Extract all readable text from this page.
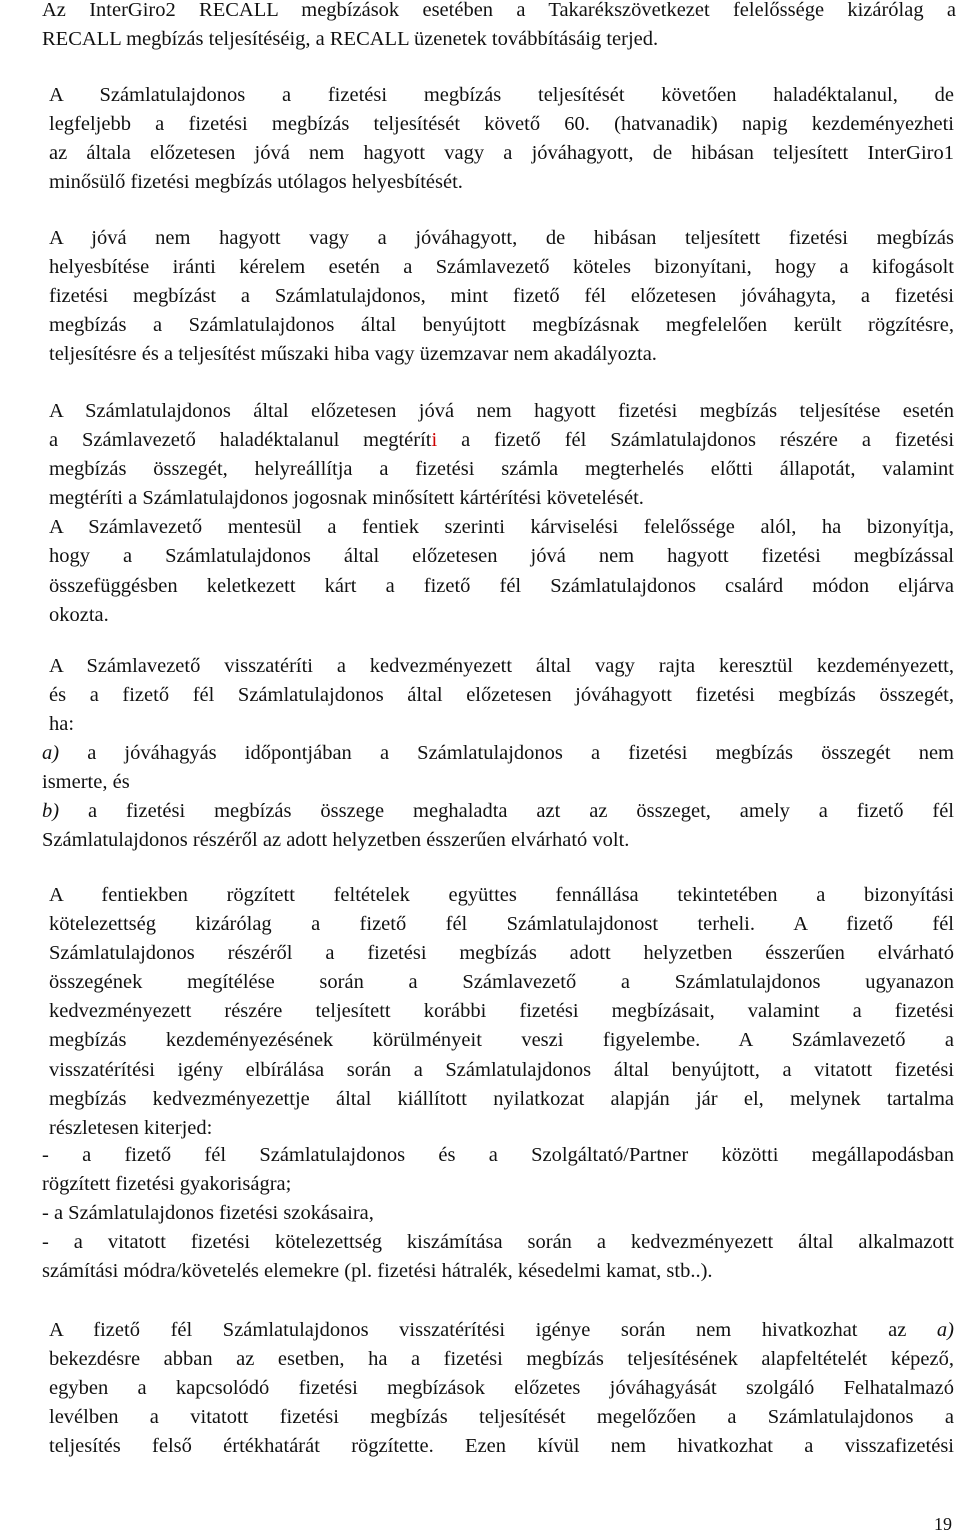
Az InterGiro2 RECALL megbízások esetében a Takarékszövetkezet felelőssége kizárólag a
RECALL megbízás teljesítéséig, a RECALL üzenetek továbbításáig terjed.
A Számlatulajdonos a fizetési megbízás teljesítését követően haladéktalanul, de
legfeljebb a fizetési megbízás teljesítését követő 60. (hatvanadik) napig kezdeményezheti
az általa előzetesen jóvá nem hagyott vagy a jóváhagyott, de hibásan teljesített InterGiro1
minősülő fizetési megbízás utólagos helyesbítését.
A jóvá nem hagyott vagy a jóváhagyott, de hibásan teljesített fizetési megbízás
helyesbítése iránti kérelem esetén a Számlavezető köteles bizonyítani, hogy a kifogásolt
fizetési megbízást a Számlatulajdonos, mint fizető fél előzetesen jóváhagyta, a fizetési
megbízás a Számlatulajdonos által benyújtott megbízásnak megfelelően került rögzítésre,
teljesítésre és a teljesítést műszaki hiba vagy üzemzavar nem akadályozta.
A Számlatulajdonos által előzetesen jóvá nem hagyott fizetési megbízás teljesítése esetén
a Számlavezető haladéktalanul megtéríti a fizető fél Számlatulajdonos részére a fizetési
megbízás összegét, helyreállítja a fizetési számla megterhelés előtti állapotát, valamint
megtéríti a Számlatulajdonos jogosnak minősített kártérítési követelését.
A Számlavezető mentesül a fentiek szerinti kárviselési felelőssége alól, ha bizonyítja,
hogy a Számlatulajdonos által előzetesen jóvá nem hagyott fizetési megbízással
összefüggésben keletkezett kárt a fizető fél Számlatulajdonos csalárd módon eljárva
okozta.
A Számlavezető visszatéríti a kedvezményezett által vagy rajta keresztül kezdeményezett,
és a fizető fél Számlatulajdonos által előzetesen jóváhagyott fizetési megbízás összegét,
ha:
a) a jóváhagyás időpontjában a Számlatulajdonos a fizetési megbízás összegét nem
ismerte, és
b) a fizetési megbízás összege meghaladta azt az összeget, amely a fizető fél
Számlatulajdonos részéről az adott helyzetben ésszerűen elvárható volt.
A fentiekben rögzített feltételek együttes fennállása tekintetében a bizonyítási
kötelezettség kizárólag a fizető fél Számlatulajdonost terheli. A fizető fél
Számlatulajdonos részéről a fizetési megbízás adott helyzetben ésszerűen elvárható
összegének megítélése során a Számlavezető a Számlatulajdonos ugyanazon
kedvezményezett részére teljesített korábbi fizetési megbízásait, valamint a fizetési
megbízás kezdeményezésének körülményeit veszi figyelembe. A Számlavezető a
visszatérítési igény elbírálása során a Számlatulajdonos által benyújtott, a vitatott fizetési
megbízás kedvezményezettje által kiállított nyilatkozat alapján jár el, melynek tartalma
részletesen kiterjed:
- a fizető fél Számlatulajdonos és a Szolgáltató/Partner közötti megállapodásban
rögzített fizetési gyakoriságra;
- a Számlatulajdonos fizetési szokásaira,
- a vitatott fizetési kötelezettség kiszámítása során a kedvezményezett által alkalmazott
számítási módra/követelés elemekre (pl. fizetési hátralék, késedelmi kamat, stb..).
A fizető fél Számlatulajdonos visszatérítési igénye során nem hivatkozhat az a)
bekezdésre abban az esetben, ha a fizetési megbízás teljesítésének alapfeltételét képező,
egyben a kapcsolódó fizetési megbízások előzetes jóváhagyását szolgáló Felhatalmazó
levélben a vitatott fizetési megbízás teljesítését megelőzően a Számlatulajdonos a
teljesítés felső értékhatárát rögzítette. Ezen kívül nem hivatkozhat a visszafizetési
19
